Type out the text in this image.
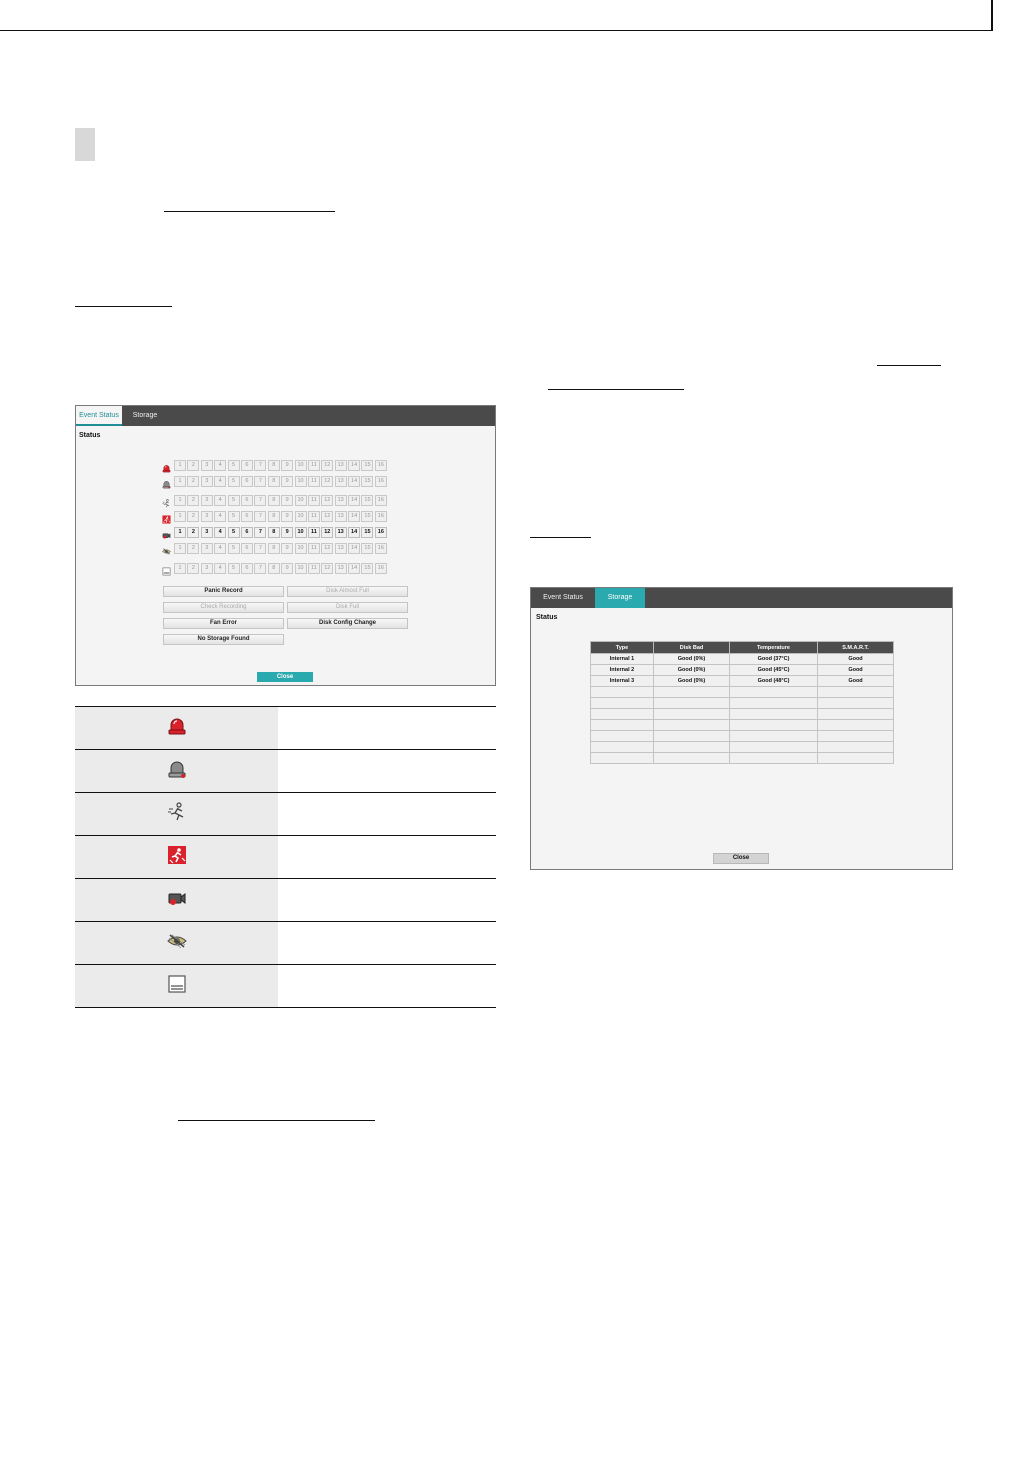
Event Status	Storage
Status
1	2	3	4	5	6	7	8	9	10	11	12	13	14	15	16
1	2	3	4	5	6	7	8	9	10	11	12	13	14	15	16
1	2	3	4	5	6	7	8	9	10	11	12	13	14	15	16
1	2	3	4	5	6	7	8	9	10	11	12	13	14	15	16
1	2	3	4	5	6	7	8	9	10	11	12	13	14	15	16
1	2	3	4	5	6	7	8	9	10	11	12	13	14	15	16
1	2	3	4	5	6	7	8	9	10	11	12	13	14	15	16
Panic Record	Disk Almost Full
Check Recording	Disk Full
Fan Error	Disk Config Change
No Storage Found
Close
Event Status	Storage
Status
Type	Disk Bad	Temperature	S.M.A.R.T.
Internal 1	Good (0%)	Good (37°C)	Good
Internal 2	Good (0%)	Good (45°C)	Good
Internal 3	Good (0%)	Good (48°C)	Good

Close
